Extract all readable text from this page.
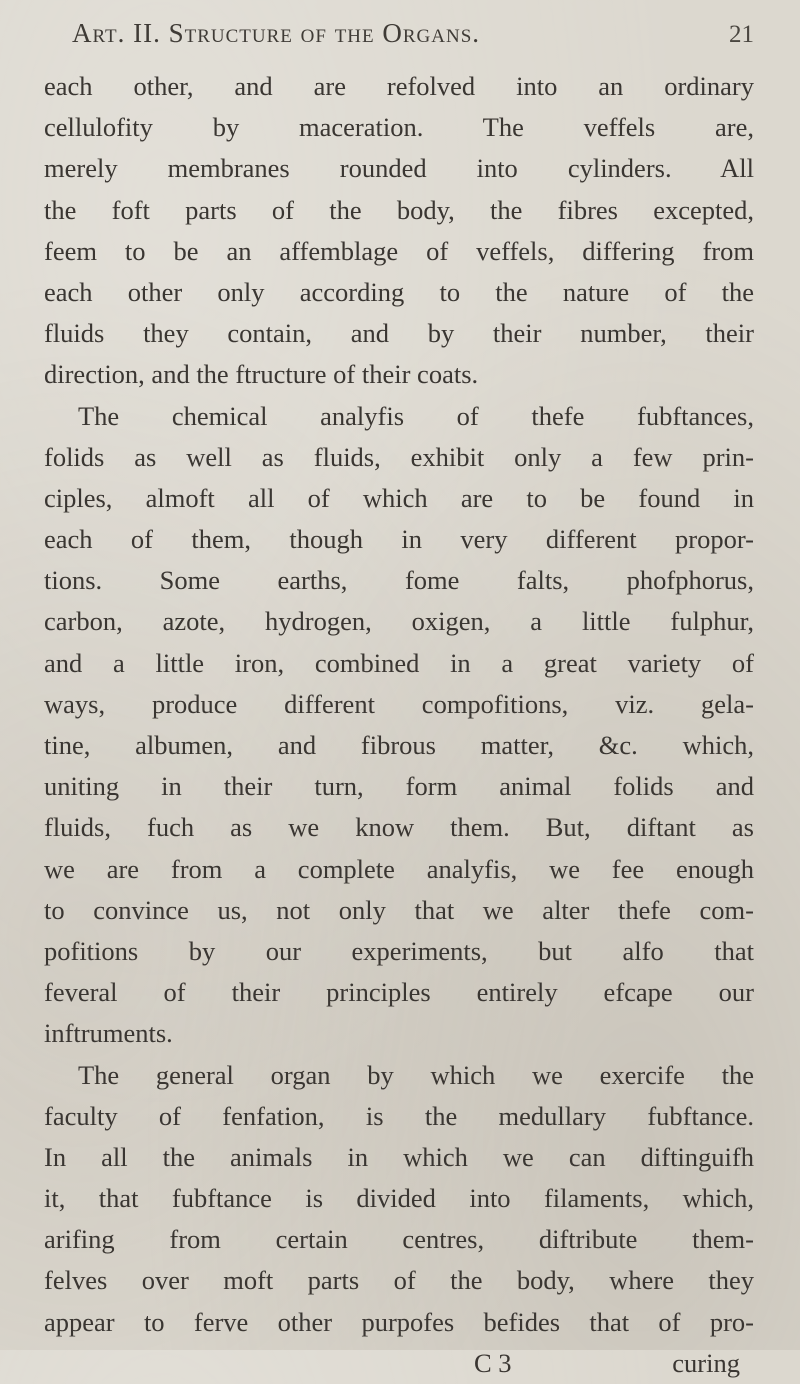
Art. II. Structure of the Organs.	21
each other, and are refolved into an ordinary
cellulofity by maceration. The veffels are,
merely membranes rounded into cylinders. All
the foft parts of the body, the fibres excepted,
feem to be an affemblage of veffels, differing from
each other only according to the nature of the
fluids they contain, and by their number, their
direction, and the ftructure of their coats.
The chemical analyfis of thefe fubftances,
folids as well as fluids, exhibit only a few prin-
ciples, almoft all of which are to be found in
each of them, though in very different propor-
tions. Some earths, fome falts, phofphorus,
carbon, azote, hydrogen, oxigen, a little fulphur,
and a little iron, combined in a great variety of
ways, produce different compofitions, viz. gela-
tine, albumen, and fibrous matter, &c. which,
uniting in their turn, form animal folids and
fluids, fuch as we know them. But, diftant as
we are from a complete analyfis, we fee enough
to convince us, not only that we alter thefe com-
pofitions by our experiments, but alfo that
feveral of their principles entirely efcape our
inftruments.
The general organ by which we exercife the
faculty of fenfation, is the medullary fubftance.
In all the animals in which we can diftinguifh
it, that fubftance is divided into filaments, which,
arifing from certain centres, diftribute them-
felves over moft parts of the body, where they
appear to ferve other purpofes befides that of pro-
C 3	curing
